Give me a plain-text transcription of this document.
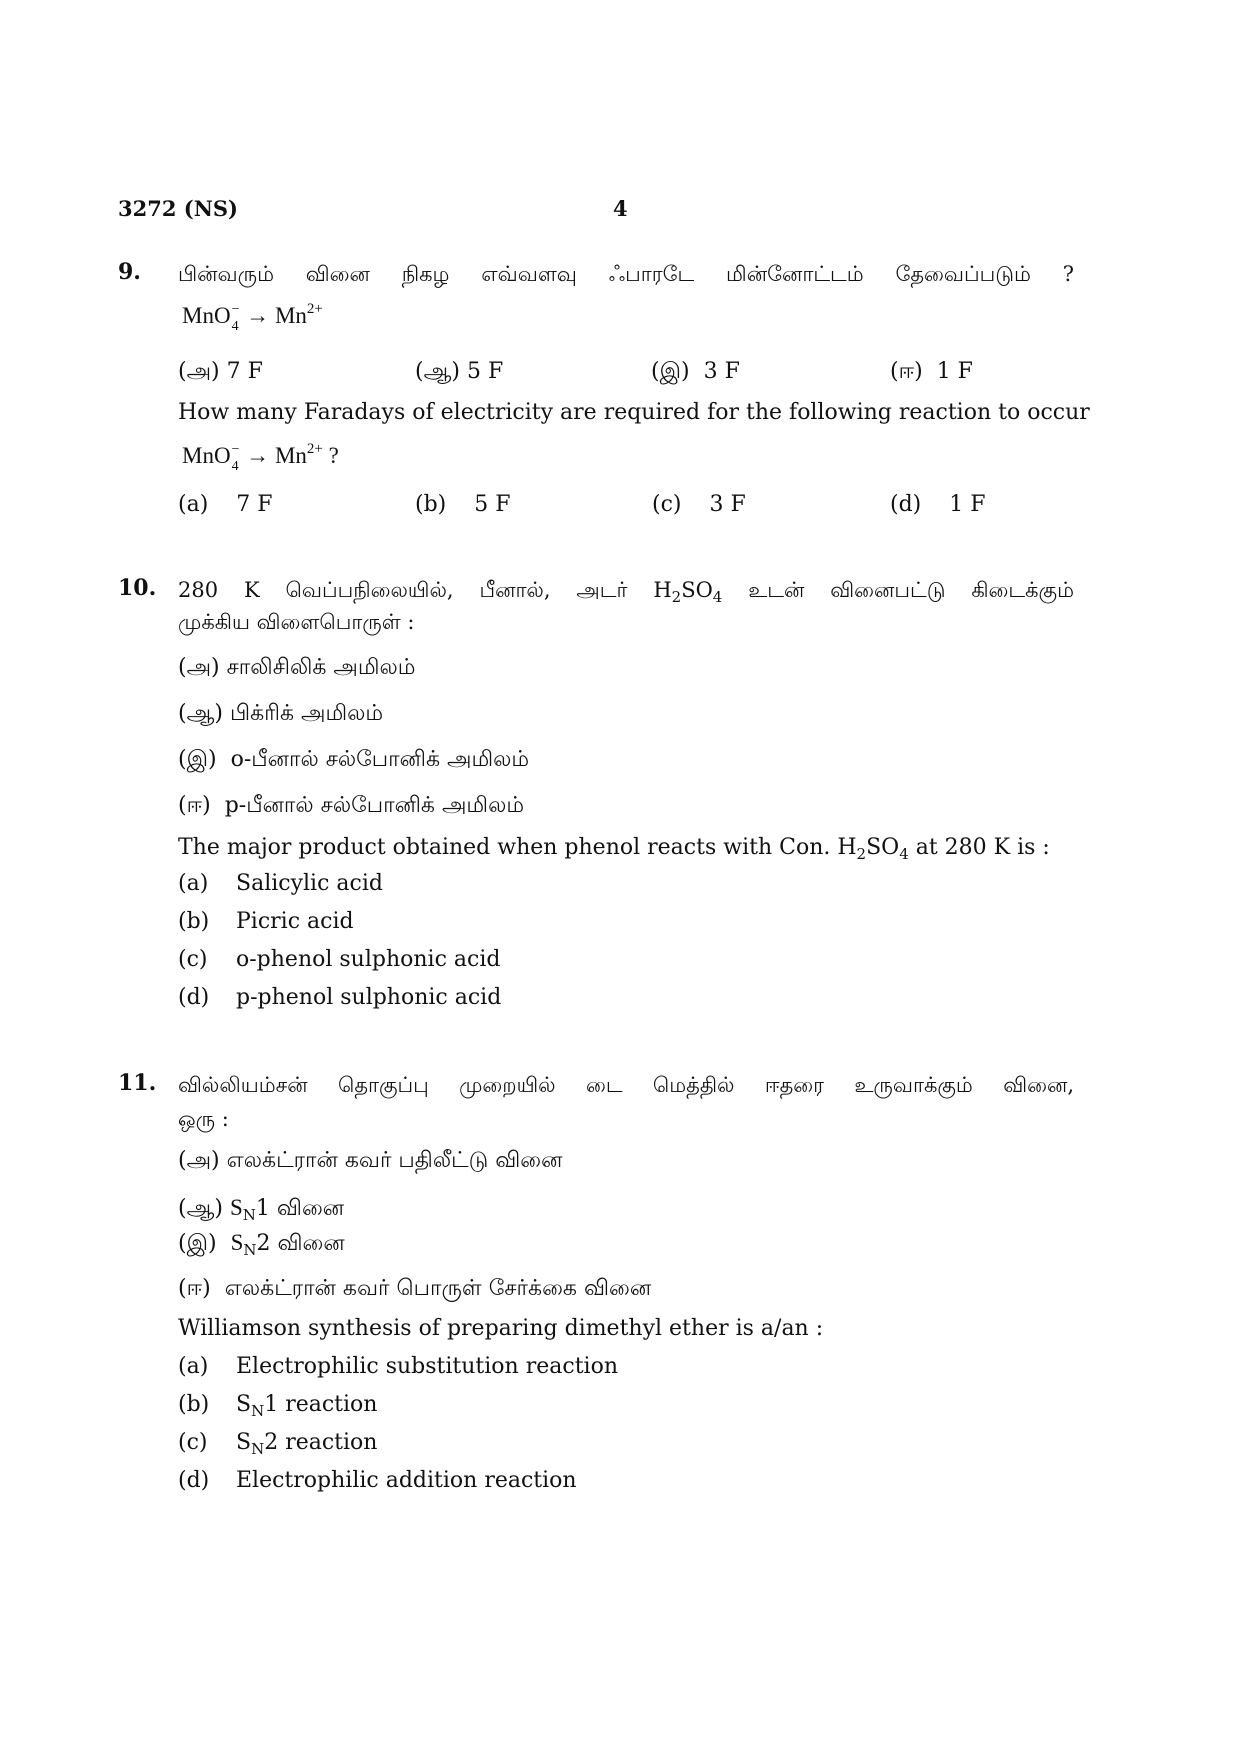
3272 (NS)	4
9. பின்வரும் வினை நிகழ எவ்வளவு ஃபாரடே மின்னோட்டம் தேவைப்படும் ?
MnO −
$4 \to Mn^{2+}$
(அ) 7 F	(ஆ) 5 F	(இ) 3 F	(ஈ) 1 F
How many Faradays of electricity are required for the following reaction to occur
MnO −
$4 \to Mn^{2+}$ ?
(a) 7 F	(b) 5 F	(c) 3 F	(d) 1 F
10. 280 K வெப்பநிலையில், பீனால், அடர் $H_2SO_4$ உடன் வினைபட்டு கிடைக்கும்
முக்கிய விளைபொருள் :
(அ) சாலிசிலிக் அமிலம்
(ஆ) பிக்ரிக் அமிலம்
(இ) o-பீனால் சல்போனிக் அமிலம்
(ஈ) p-பீனால் சல்போனிக் அமிலம்
The major product obtained when phenol reacts with Con. $H_2SO_4$ at 280 K is :
(a) Salicylic acid
(b) Picric acid
(c) o-phenol sulphonic acid
(d) p-phenol sulphonic acid
11. வில்லியம்சன் தொகுப்பு முறையில் டை மெத்தில் ஈதரை உருவாக்கும் வினை,
ஒரு :
(அ) எலக்ட்ரான் கவர் பதிலீட்டு வினை
(ஆ) $S_N1$ வினை
(இ) $S_N2$ வினை
(ஈ) எலக்ட்ரான் கவர் பொருள் சேர்க்கை வினை
Williamson synthesis of preparing dimethyl ether is a/an :
(a) Electrophilic substitution reaction
(b) $S_N1$ reaction
(c) $S_N2$ reaction
(d) Electrophilic addition reaction
